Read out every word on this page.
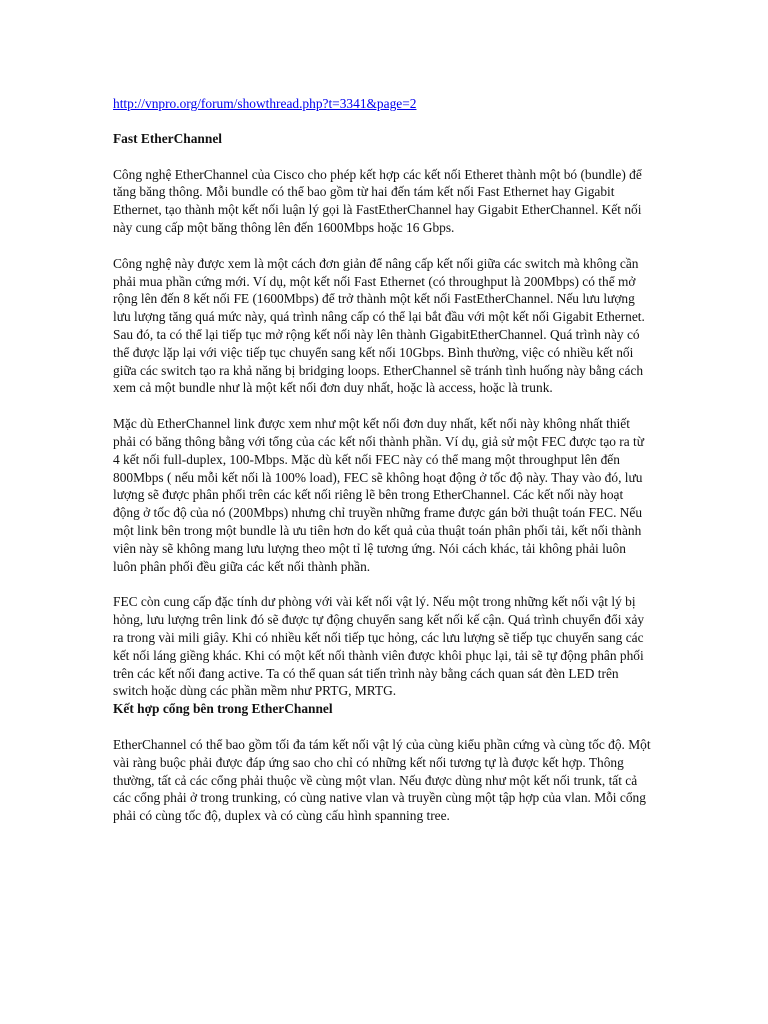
http://vnpro.org/forum/showthread.php?t=3341&page=2
Fast EtherChannel

Công nghệ EtherChannel của Cisco cho phép kết hợp các kết nối Etheret thành một bó (bundle) để tăng băng thông. Mỗi bundle có thể bao gồm từ hai đến tám kết nối Fast Ethernet hay Gigabit Ethernet, tạo thành một kết nối luận lý gọi là FastEtherChannel hay Gigabit EtherChannel. Kết nối này cung cấp một băng thông lên đến 1600Mbps hoặc 16 Gbps.

Công nghệ này được xem là một cách đơn giản để nâng cấp kết nối giữa các switch mà không cần phải mua phần cứng mới. Ví dụ, một kết nối Fast Ethernet (có throughput là 200Mbps) có thể mở rộng lên đến 8 kết nối FE (1600Mbps) để trở thành một kết nối FastEtherChannel. Nếu lưu lượng lưu lượng tăng quá mức này, quá trình nâng cấp có thể lại bắt đầu với một kết nối Gigabit Ethernet. Sau đó, ta có thể lại tiếp tục mở rộng kết nối này lên thành GigabitEtherChannel. Quá trình này có thể được lặp lại với việc tiếp tục chuyển sang kết nối 10Gbps. Bình thường, việc có nhiều kết nối giữa các switch tạo ra khả năng bị bridging loops. EtherChannel sẽ tránh tình huống này bằng cách xem cả một bundle như là một kết nối đơn duy nhất, hoặc là access, hoặc là trunk.

Mặc dù EtherChannel link được xem như một kết nối đơn duy nhất, kết nối này không nhất thiết phải có băng thông bằng với tổng của các kết nối thành phần. Ví dụ, giả sử một FEC được tạo ra từ 4 kết nối full-duplex, 100-Mbps. Mặc dù kết nối FEC này có thể mang một throughput lên đến 800Mbps ( nếu mỗi kết nối là 100% load), FEC sẽ không hoạt động ở tốc độ này. Thay vào đó, lưu lượng sẽ được phân phối trên các kết nối riêng lẽ bên trong EtherChannel. Các kết nối này hoạt động ở tốc độ của nó (200Mbps) nhưng chỉ truyền những frame được gán bởi thuật toán FEC. Nếu một link bên trong một bundle là ưu tiên hơn do kết quả của thuật toán phân phối tải, kết nối thành viên này sẽ không mang lưu lượng theo một tỉ lệ tương ứng. Nói cách khác, tải không phải luôn luôn phân phối đều giữa các kết nối thành phần.

FEC còn cung cấp đặc tính dư phòng với vài kết nối vật lý. Nếu một trong những kết nối vật lý bị hỏng, lưu lượng trên link đó sẽ được tự động chuyển sang kết nối kế cận. Quá trình chuyển đổi xảy ra trong vài mili giây. Khi có nhiều kết nối tiếp tục hỏng, các lưu lượng sẽ tiếp tục chuyển sang các kết nối láng giềng khác. Khi có một kết nối thành viên được khôi phục lại, tải sẽ tự động phân phối trên các kết nối đang active. Ta có thể quan sát tiến trình này bằng cách quan sát đèn LED trên switch hoặc dùng các phần mềm như PRTG, MRTG.

Kết hợp cổng bên trong EtherChannel

EtherChannel có thể bao gồm tối đa tám kết nối vật lý của cùng kiểu phần cứng và cùng tốc độ. Một vài ràng buộc phải được đáp ứng sao cho chỉ có những kết nối tương tự là được kết hợp. Thông thường, tất cả các cổng phải thuộc về cùng một vlan. Nếu được dùng như một kết nối trunk, tất cả các cổng phải ở trong trunking, có cùng native vlan và truyền cùng một tập hợp của vlan. Mỗi cổng phải có cùng tốc độ, duplex và có cùng cấu hình spanning tree.
